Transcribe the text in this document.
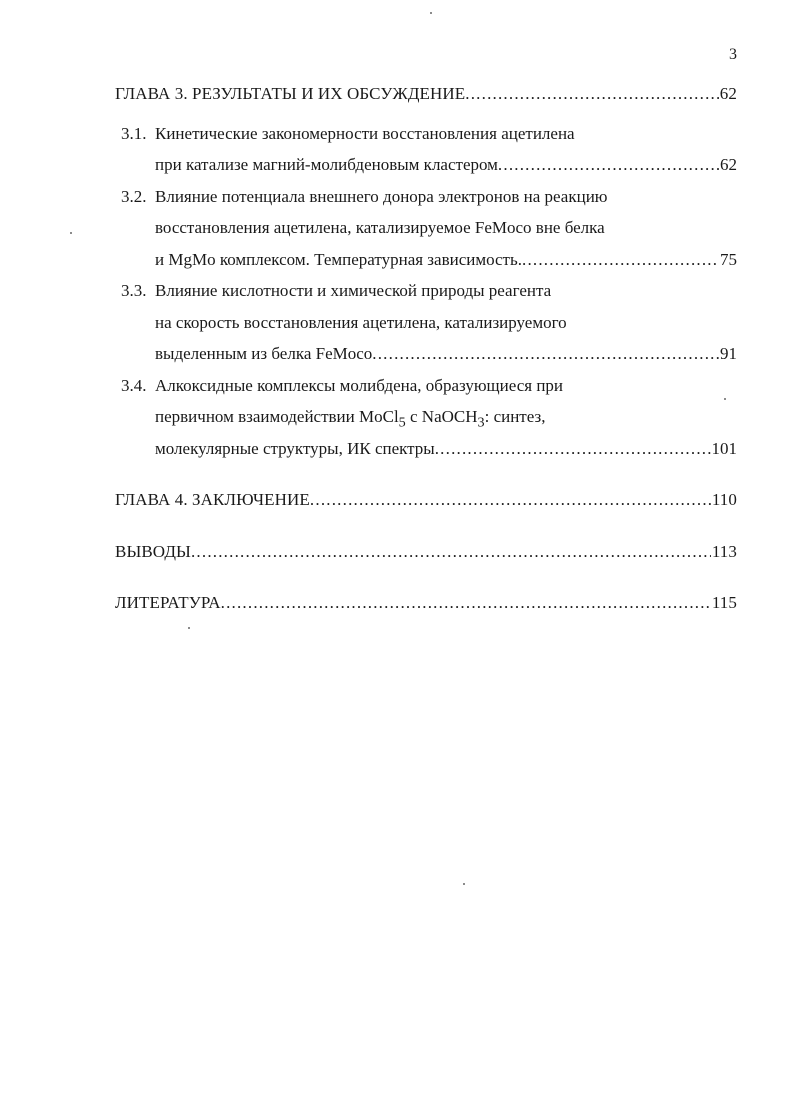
3
ГЛАВА 3. РЕЗУЛЬТАТЫ И ИХ ОБСУЖДЕНИЕ .....	62
3.1. Кинетические закономерности восстановления ацетилена
при катализе магний-молибденовым кластером .....	62
3.2. Влияние потенциала внешнего донора электронов на реакцию
восстановления ацетилена, катализируемое FeMoco вне белка
и MgMo комплексом. Температурная зависимость. .....	75
3.3. Влияние кислотности и химической природы реагента
на скорость восстановления ацетилена, катализируемого
выделенным из белка FeMoco .....	91
3.4. Алкоксидные комплексы молибдена, образующиеся при
первичном взаимодействии MoCl$_5$ с NaOCH$_3$: синтез,
молекулярные структуры, ИК спектры .....	101
ГЛАВА 4. ЗАКЛЮЧЕНИЕ .....	110
ВЫВОДЫ .....	113
ЛИТЕРАТУРА .....	115
